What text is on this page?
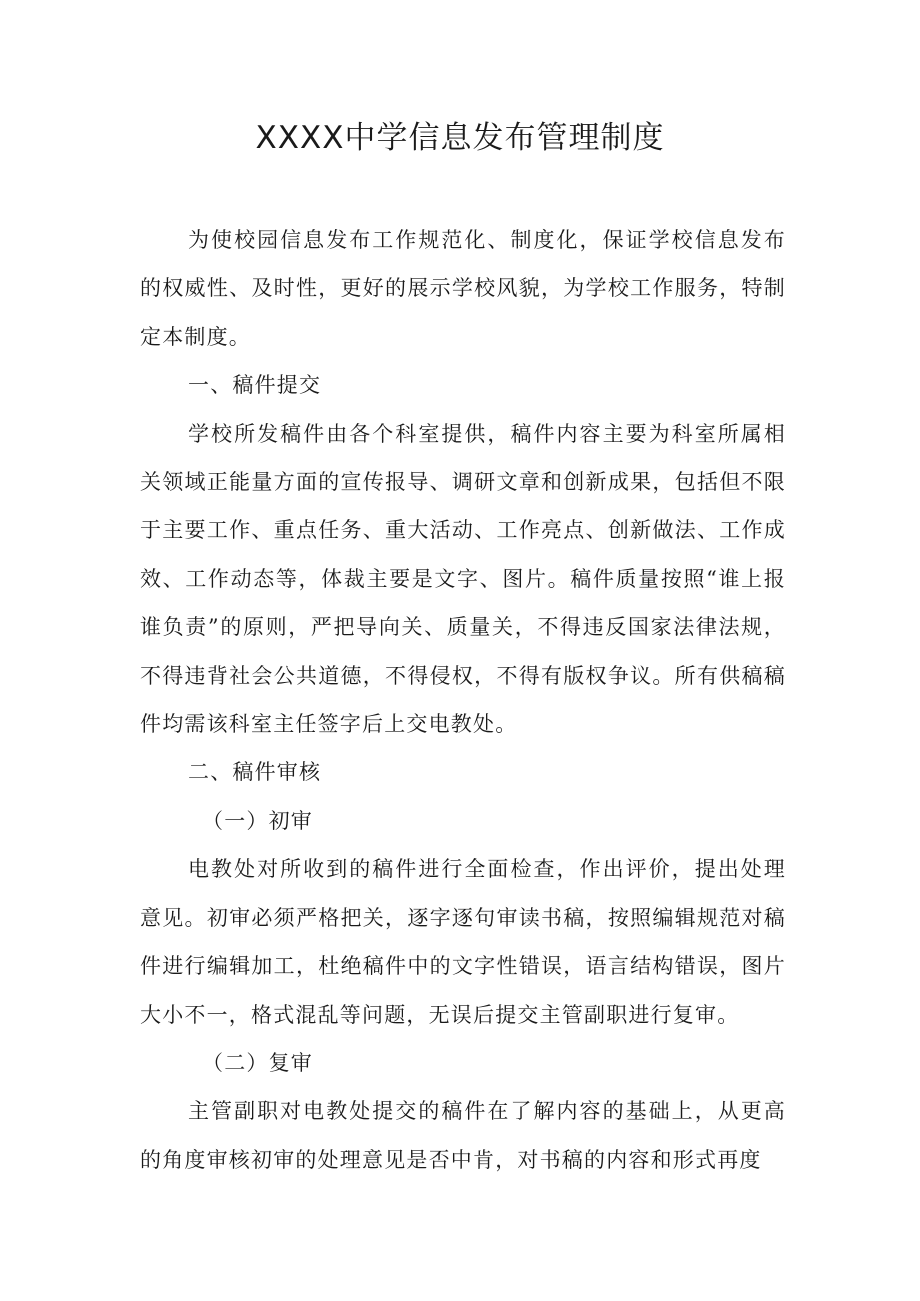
XXXX中学信息发布管理制度

为使校园信息发布工作规范化、制度化，保证学校信息发布的权威性、及时性，更好的展示学校风貌，为学校工作服务，特制定本制度。

一、稿件提交

学校所发稿件由各个科室提供，稿件内容主要为科室所属相关领域正能量方面的宣传报导、调研文章和创新成果，包括但不限于主要工作、重点任务、重大活动、工作亮点、创新做法、工作成效、工作动态等，体裁主要是文字、图片。稿件质量按照“谁上报谁负责”的原则，严把导向关、质量关，不得违反国家法律法规，不得违背社会公共道德，不得侵权，不得有版权争议。所有供稿稿件均需该科室主任签字后上交电教处。

二、稿件审核

（一）初审

电教处对所收到的稿件进行全面检查，作出评价，提出处理意见。初审必须严格把关，逐字逐句审读书稿，按照编辑规范对稿件进行编辑加工，杜绝稿件中的文字性错误，语言结构错误，图片大小不一，格式混乱等问题，无误后提交主管副职进行复审。

（二）复审

主管副职对电教处提交的稿件在了解内容的基础上，从更高的角度审核初审的处理意见是否中肯，对书稿的内容和形式再度
